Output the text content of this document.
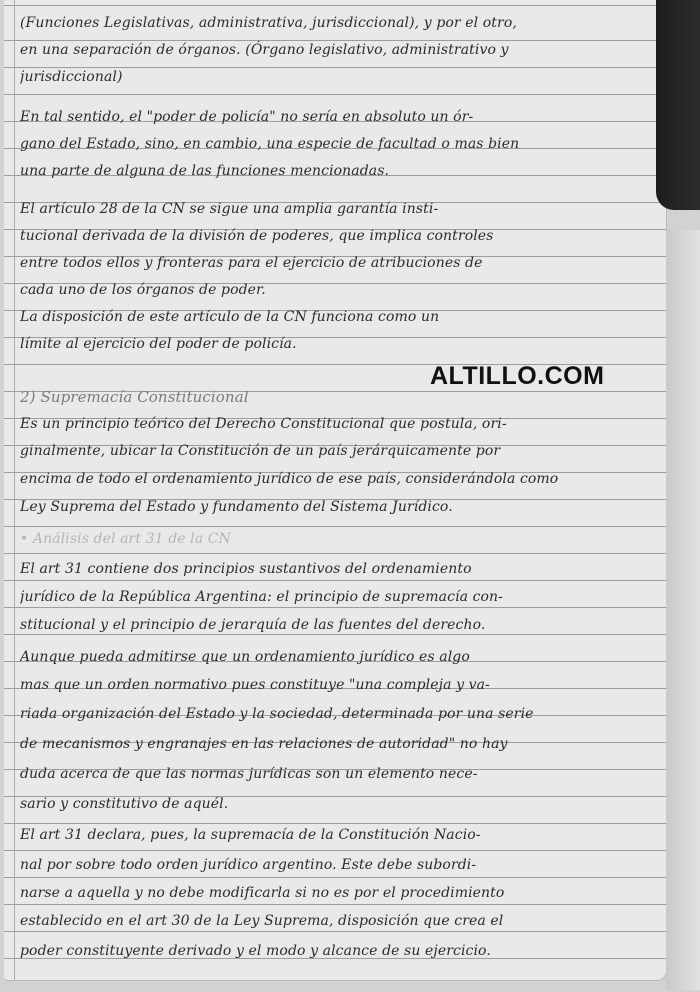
(Funciones Legislativas, administrativa, jurisdiccional), y por el otro,
en una separación de órganos. (Órgano legislativo, administrativo y
jurisdiccional)
En tal sentido, el "poder de policía" no sería en absoluto un ór-
gano del Estado, sino, en cambio, una especie de facultad o mas bien
una parte de alguna de las funciones mencionadas.
El artículo 28 de la CN se sigue una amplia garantía insti-
tucional derivada de la división de poderes, que implica controles
entre todos ellos y fronteras para el ejercicio de atribuciones de
cada uno de los órganos de poder.
La disposición de este artículo de la CN funciona como un
límite al ejercicio del poder de policía.
2) Supremacía Constitucional
Es un principio teórico del Derecho Constitucional que postula, ori-
ginalmente, ubicar la Constitución de un país jerárquicamente por
encima de todo el ordenamiento jurídico de ese país, considerándola como
Ley Suprema del Estado y fundamento del Sistema Jurídico.
• Análisis del art 31 de la CN
El art 31 contiene dos principios sustantivos del ordenamiento
jurídico de la República Argentina: el principio de supremacía con-
stitucional y el principio de jerarquía de las fuentes del derecho.
Aunque pueda admitirse que un ordenamiento jurídico es algo
mas que un orden normativo pues constituye "una compleja y va-
riada organización del Estado y la sociedad, determinada por una serie
de mecanismos y engranajes en las relaciones de autoridad" no hay
duda acerca de que las normas jurídicas son un elemento nece-
sario y constitutivo de aquél.
El art 31 declara, pues, la supremacía de la Constitución Nacio-
nal por sobre todo orden jurídico argentino. Este debe subordi-
narse a aquella y no debe modificarla si no es por el procedimiento
establecido en el art 30 de la Ley Suprema, disposición que crea el
poder constituyente derivado y el modo y alcance de su ejercicio.
ALTILLO.COM
